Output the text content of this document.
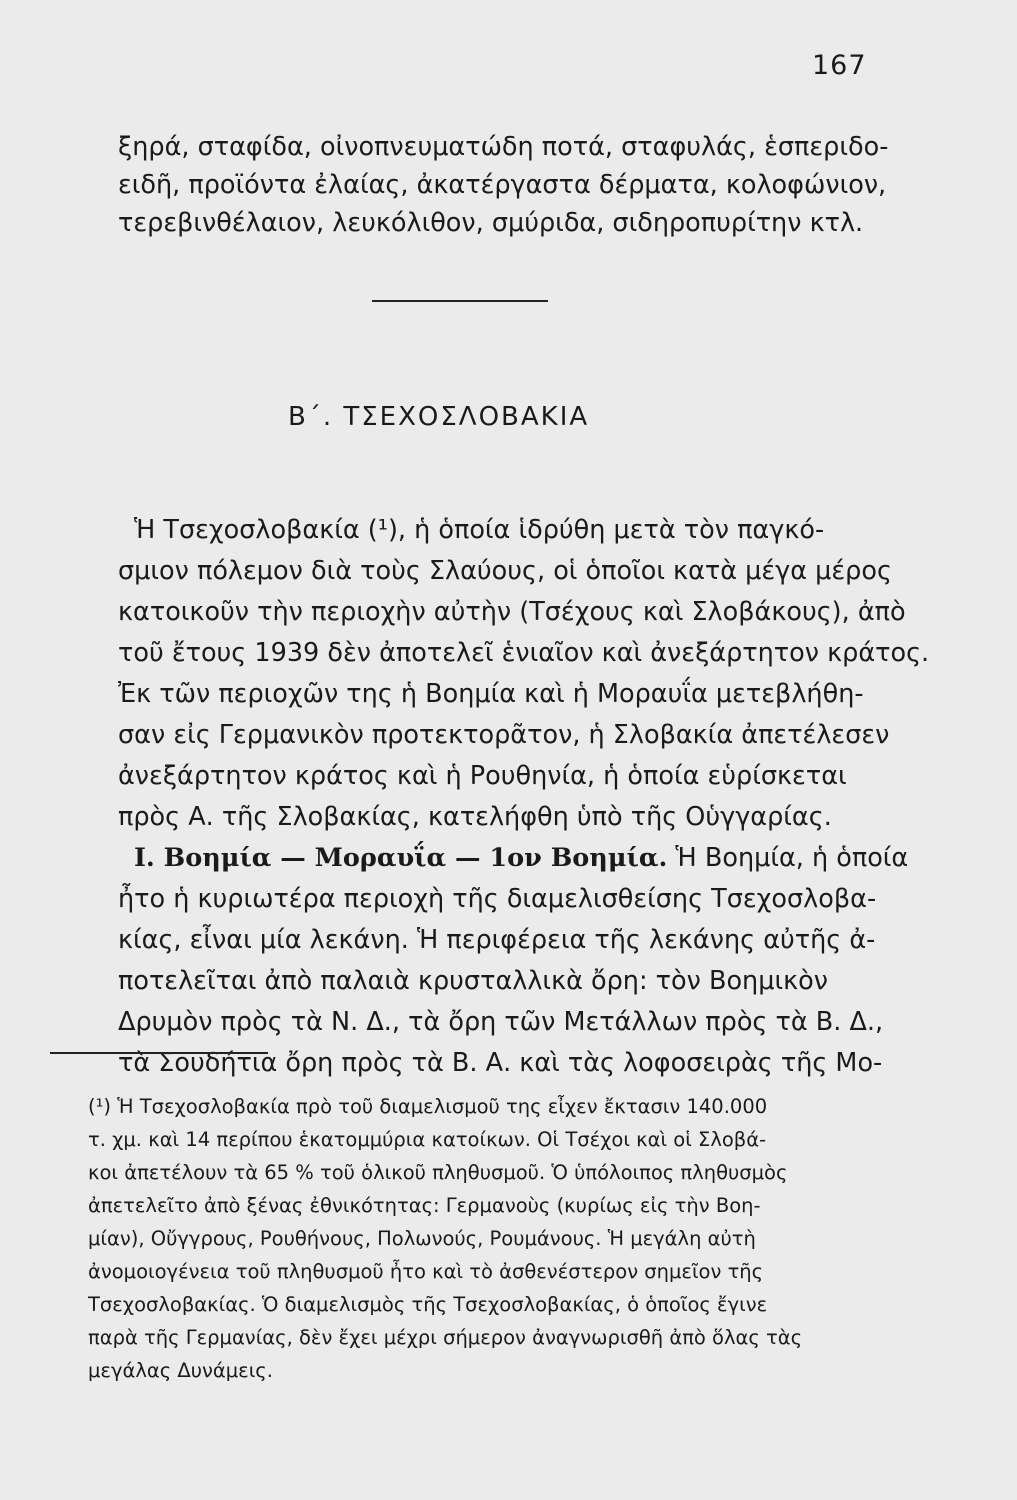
167
ξηρά, σταφίδα, οἰνοπνευματώδη ποτά, σταφυλάς, ἑσπεριδο-
ειδῆ, προϊόντα ἐλαίας, ἀκατέργαστα δέρματα, κολοφώνιον,
τερεβινθέλαιον, λευκόλιθον, σμύριδα, σιδηροπυρίτην κτλ.
Β΄. ΤΣΕΧΟΣΛΟΒΑΚΙΑ
Ἡ Τσεχοσλοβακία (¹), ἡ ὁποία ἱδρύθη μετὰ τὸν παγκό-
σμιον πόλεμον διὰ τοὺς Σλαύους, οἱ ὁποῖοι κατὰ μέγα μέρος
κατοικοῦν τὴν περιοχὴν αὐτὴν (Τσέχους καὶ Σλοβάκους), ἀπὸ
τοῦ ἔτους 1939 δὲν ἀποτελεῖ ἑνιαῖον καὶ ἀνεξάρτητον κράτος.
Ἐκ τῶν περιοχῶν της ἡ Βοημία καὶ ἡ Μοραυΐα μετεβλήθη-
σαν εἰς Γερμανικὸν προτεκτορᾶτον, ἡ Σλοβακία ἀπετέλεσεν
ἀνεξάρτητον κράτος καὶ ἡ Ρουθηνία, ἡ ὁποία εὑρίσκεται
πρὸς Α. τῆς Σλοβακίας, κατελήφθη ὑπὸ τῆς Οὑγγαρίας.
Ι. Βοημία — Μοραυΐα — 1ον Βοημία. Ἡ Βοημία, ἡ ὁποία
ἦτο ἡ κυριωτέρα περιοχὴ τῆς διαμελισθείσης Τσεχοσλοβα-
κίας, εἶναι μία λεκάνη. Ἡ περιφέρεια τῆς λεκάνης αὐτῆς ἀ-
ποτελεῖται ἀπὸ παλαιὰ κρυσταλλικὰ ὄρη: τὸν Βοημικὸν
Δρυμὸν πρὸς τὰ Ν. Δ., τὰ ὄρη τῶν Μετάλλων πρὸς τὰ Β. Δ.,
τὰ Σουδήτια ὄρη πρὸς τὰ Β. Α. καὶ τὰς λοφοσειρὰς τῆς Μο-
(¹) Ἡ Τσεχοσλοβακία πρὸ τοῦ διαμελισμοῦ της εἶχεν ἔκτασιν 140.000
τ. χμ. καὶ 14 περίπου ἑκατομμύρια κατοίκων. Οἱ Τσέχοι καὶ οἱ Σλοβά-
κοι ἀπετέλουν τὰ 65 % τοῦ ὁλικοῦ πληθυσμοῦ. Ὁ ὑπόλοιπος πληθυσμὸς
ἀπετελεῖτο ἀπὸ ξένας ἐθνικότητας: Γερμανοὺς (κυρίως εἰς τὴν Βοη-
μίαν), Οὔγγρους, Ρουθήνους, Πολωνούς, Ρουμάνους. Ἡ μεγάλη αὐτὴ
ἀνομοιογένεια τοῦ πληθυσμοῦ ἦτο καὶ τὸ ἀσθενέστερον σημεῖον τῆς
Τσεχοσλοβακίας. Ὁ διαμελισμὸς τῆς Τσεχοσλοβακίας, ὁ ὁποῖος ἔγινε
παρὰ τῆς Γερμανίας, δὲν ἔχει μέχρι σήμερον ἀναγνωρισθῆ ἀπὸ ὅλας τὰς
μεγάλας Δυνάμεις.
